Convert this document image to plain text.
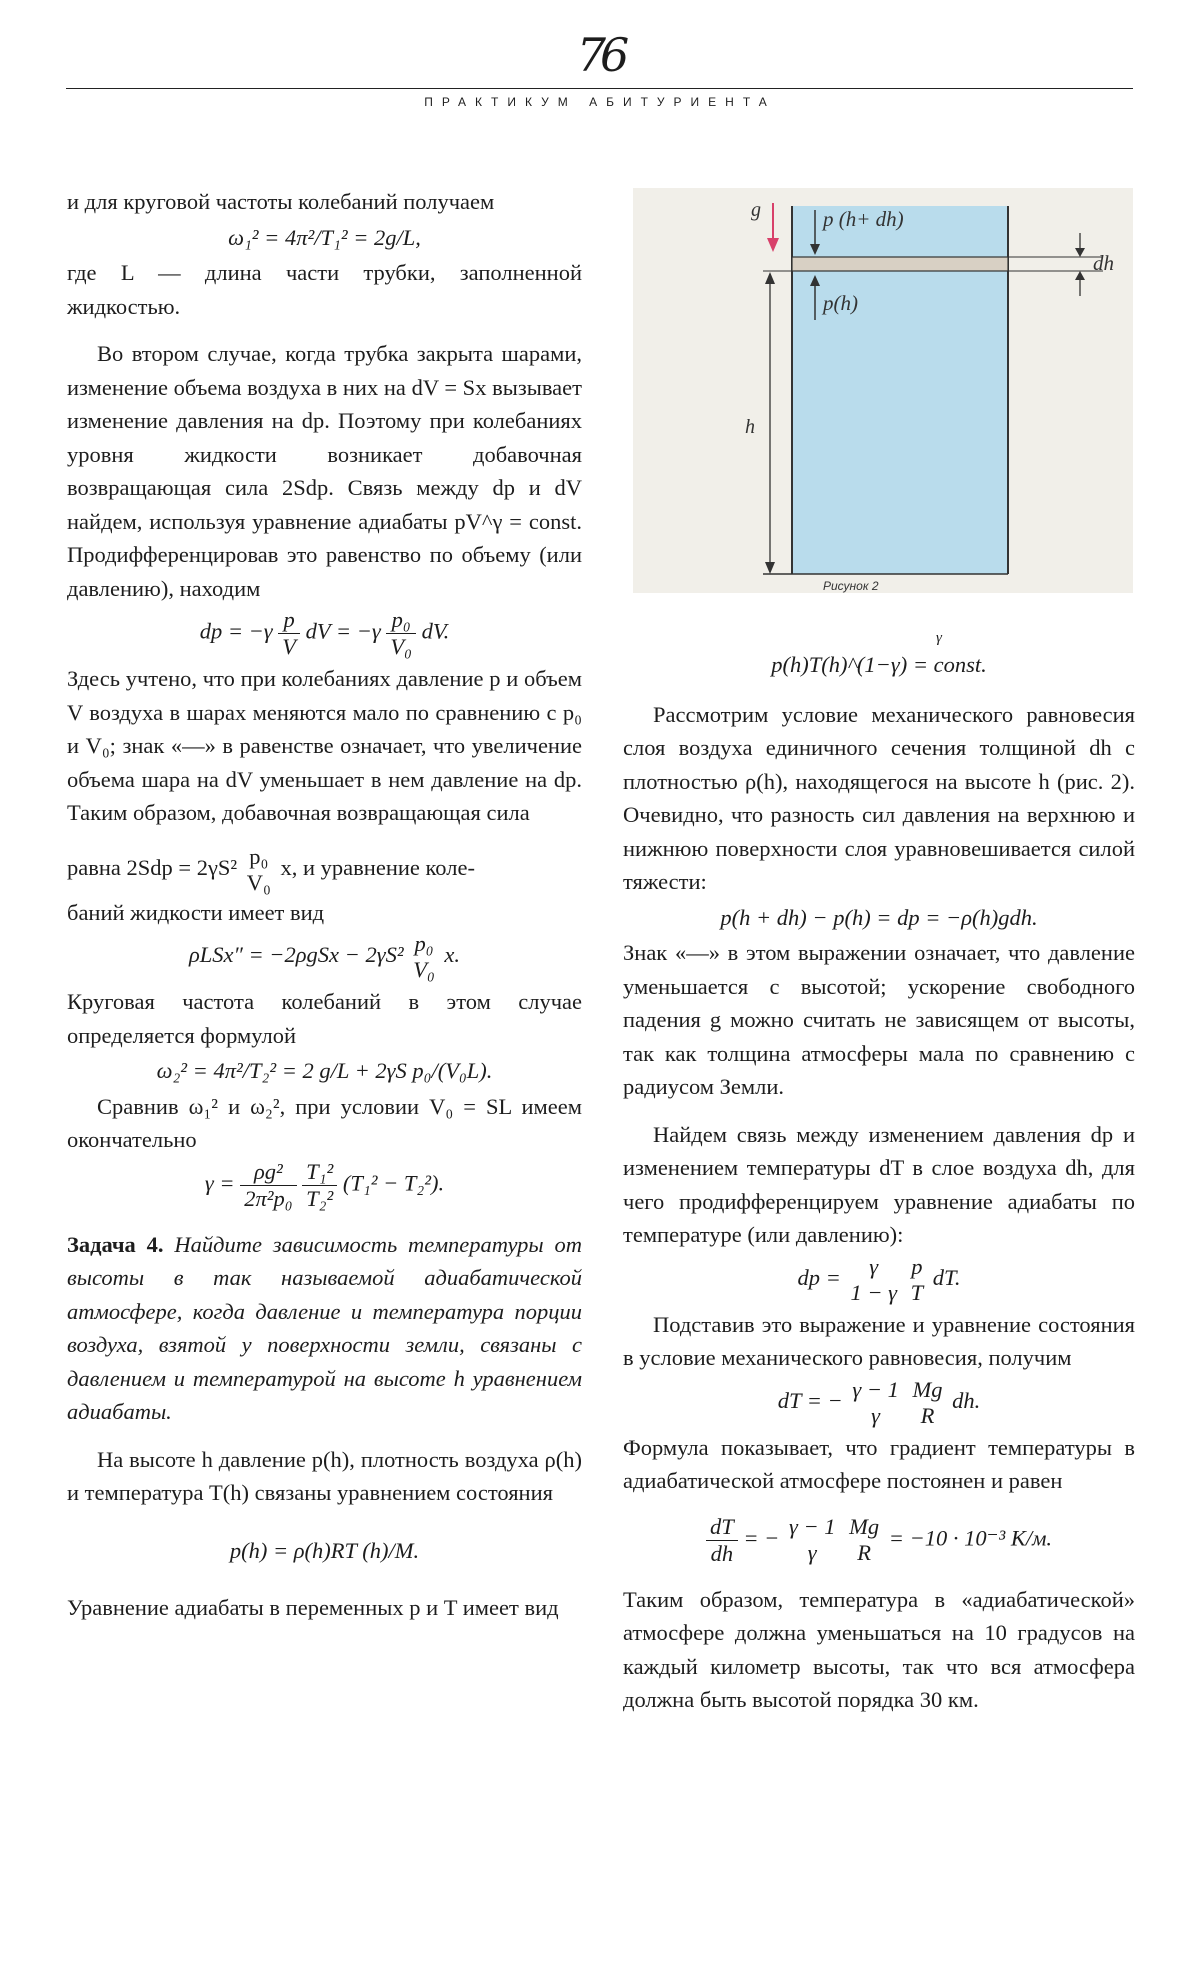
76
ПРАКТИКУМ АБИТУРИЕНТА

и для круговой частоты колебаний получаем

ω₁² = 4π²/T₁² = 2g/L,

где L — длина части трубки, заполненной жидкостью.

Во втором случае, когда трубка закрыта шарами, изменение объема воздуха в них на dV = Sx вызывает изменение давления на dp. Поэтому при колебаниях уровня жидкости возникает добавочная возвращающая сила 2Sdp. Связь между dp и dV найдем, используя уравнение адиабаты pV^γ = const. Продифференцировав это равенство по объему (или давлению), находим

dp = $-\gamma \frac{p}{V}$ dV = $-\gamma \frac{\text{p₀}}{\text{V₀}}$ dV.

Здесь учтено, что при колебаниях давление p и объем V воздуха в шарах меняются мало по сравнению с p₀ и V₀; знак «—» в равенстве означает, что увеличение объема шара на dV уменьшает в нем давление на dp. Таким образом, добавочная возвращающая сила

равна 2Sdp = 2γS² p₀
V₀
x, и уравнение коле-

баний жидкости имеет вид

ρLSx″ = −2ρgSx − 2γS² p₀
V₀
x.

Круговая частота колебаний в этом случае определяется формулой

ω₂² = 4π²/T₂² = 2 g/L + 2γS p₀/(V₀L).

Сравнив ω₁² и ω₂², при условии V₀ = SL имеем окончательно

$\gamma = \frac{\text{ρg²}}{\text{2π²p₀}}$
$\frac{\text{T₁²}}{\text{T₂²}} (T_1^2 - T_2^2)$.

Задача 4. Найдите зависимость температуры от высоты в так называемой адиабатической атмосфере, когда давление и температура порции воздуха, взятой у поверхности земли, связаны с давлением и температурой на высоте h уравнением адиабаты.

На высоте h давление p(h), плотность воздуха ρ(h) и температура T(h) связаны уравнением состояния

p(h) = ρ(h)RT (h)/M.

Уравнение адиабаты в переменных p и T имеет вид

g	p (h+ dh)
p(h)
dh
h
Рисунок 2
γ
p(h)T(h)^(1−γ) = const.

Рассмотрим условие механического равновесия слоя воздуха единичного сечения толщиной dh с плотностью ρ(h), находящегося на высоте h (рис. 2). Очевидно, что разность сил давления на верхнюю и нижнюю поверхности слоя уравновешивается силой тяжести:

p(h + dh) − p(h) = dp = −ρ(h)gdh.

Знак «—» в этом выражении означает, что давление уменьшается с высотой; ускорение свободного падения g можно считать не зависящем от высоты, так как толщина атмосферы мала по сравнению с радиусом Земли.

Найдем связь между изменением давления dp и изменением температуры dT в слое воздуха dh, для чего продифференцируем уравнение адиабаты по температуре (или давлению):

dp =	γ
1 − γ

p
T
dT.

Подставив это выражение и уравнение состояния в условие механического равновесия, получим

dT = − γ − 1
γ

Mg
R
dh.

Формула показывает, что градиент температуры в адиабатической атмосфере постоянен и равен

$\frac{dT}{dh}$ = − γ − 1
γ

Mg
R
= −10 · 10⁻³ К/м.

Таким образом, температура в «адиабатической» атмосфере должна уменьшаться на 10 градусов на каждый километр высоты, так что вся атмосфера должна быть высотой порядка 30 км.
